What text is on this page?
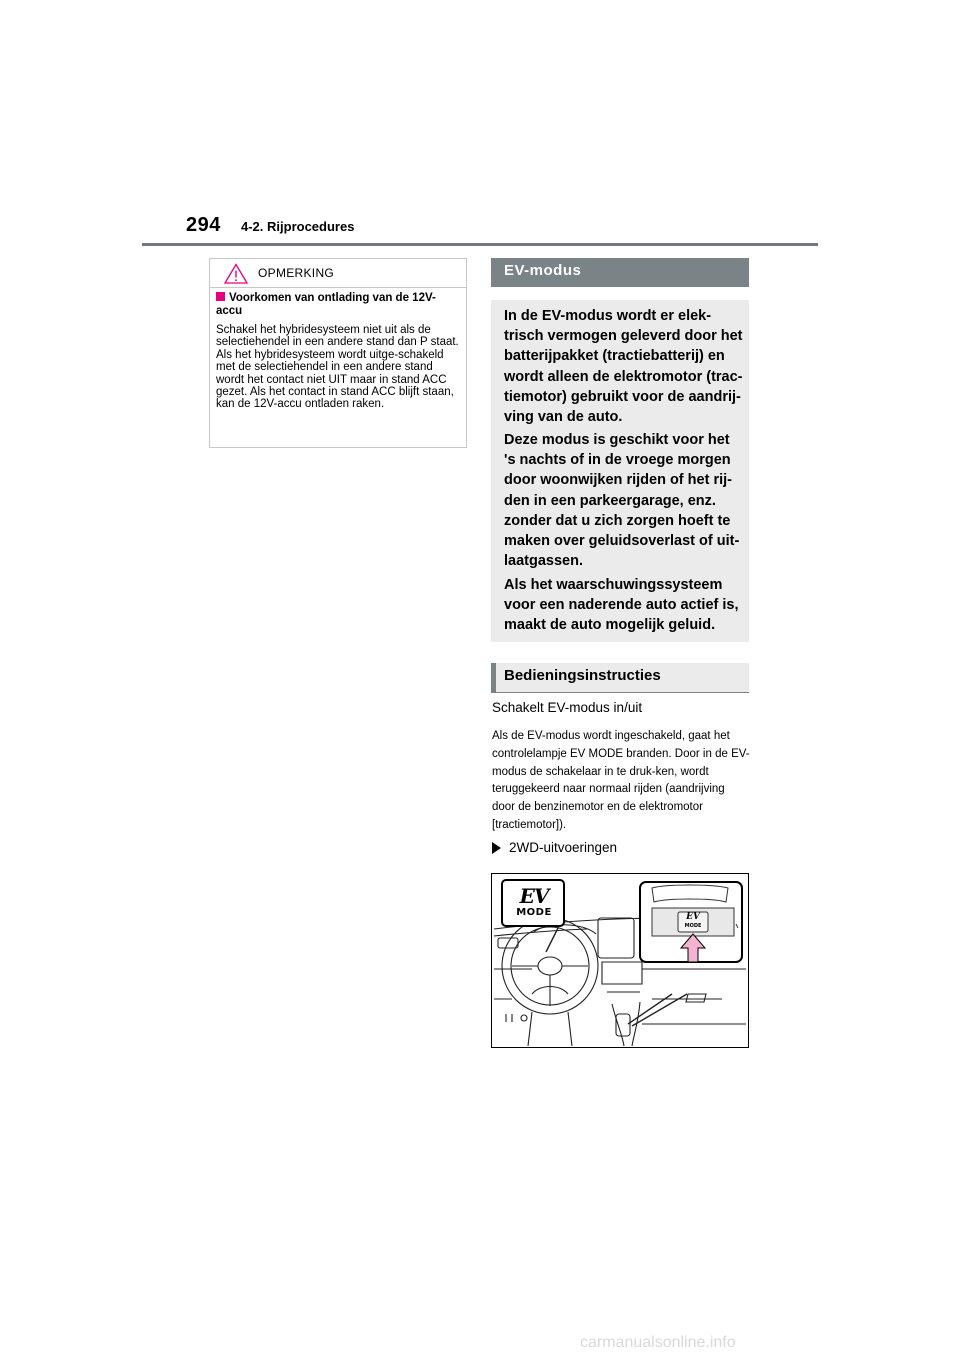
294 4-2. Rijprocedures
OPMERKING
Voorkomen van ontlading van de 12V-accu
Schakel het hybridesysteem niet uit als de selectiehendel in een andere stand dan P staat. Als het hybridesysteem wordt uitge-schakeld met de selectiehendel in een andere stand wordt het contact niet UIT maar in stand ACC gezet. Als het contact in stand ACC blijft staan, kan de 12V-accu ontladen raken.
EV-modus
In de EV-modus wordt er elek-trisch vermogen geleverd door het batterijpakket (tractiebatterij) en wordt alleen de elektromotor (trac-tiemotor) gebruikt voor de aandrij-ving van de auto.
Deze modus is geschikt voor het 's nachts of in de vroege morgen door woonwijken rijden of het rij-den in een parkeergarage, enz. zonder dat u zich zorgen hoeft te maken over geluidsoverlast of uit-laatgassen.
Als het waarschuwingssysteem voor een naderende auto actief is, maakt de auto mogelijk geluid.
Bedieningsinstructies
Schakelt EV-modus in/uit
Als de EV-modus wordt ingeschakeld, gaat het controlelampje EV MODE branden. Door in de EV-modus de schakelaar in te druk-ken, wordt teruggekeerd naar normaal rijden (aandrijving door de benzinemotor en de elektromotor [tractiemotor]).
2WD-uitvoeringen
EV
MODE	EV
MODE
carmanualsonline.info
